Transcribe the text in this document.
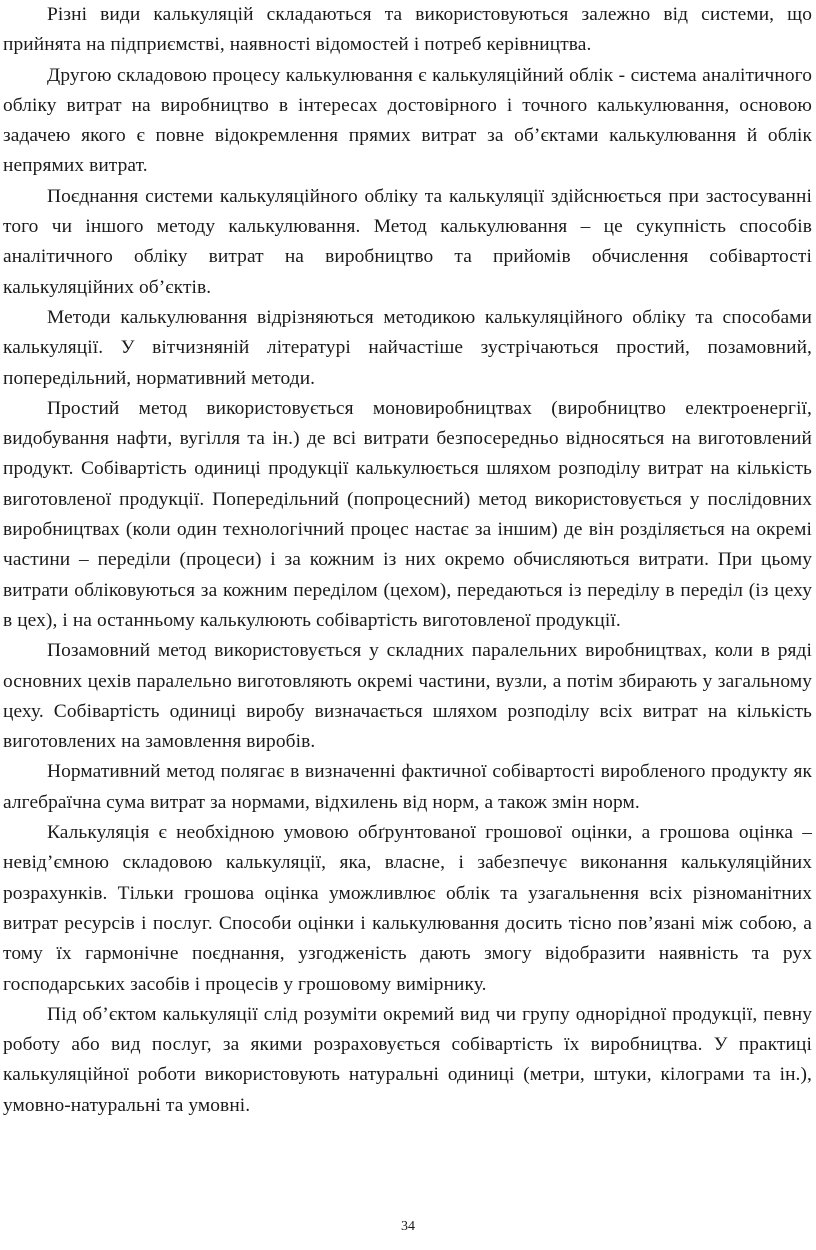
Різні види калькуляцій складаються та використовуються залежно від системи, що прийнята на підприємстві, наявності відомостей і потреб керівництва.

Другою складовою процесу калькулювання є калькуляційний облік - система аналітичного обліку витрат на виробництво в інтересах достовірного і точного калькулювання, основою задачею якого є повне відокремлення прямих витрат за об’єктами калькулювання й облік непрямих витрат.

Поєднання системи калькуляційного обліку та калькуляції здійснюється при застосуванні того чи іншого методу калькулювання. Метод калькулювання – це сукупність способів аналітичного обліку витрат на виробництво та прийомів обчислення собівартості калькуляційних об’єктів.

Методи калькулювання відрізняються методикою калькуляційного обліку та способами калькуляції. У вітчизняній літературі найчастіше зустрічаються простий, позамовний, попередільний, нормативний методи.

Простий метод використовується моновиробництвах (виробництво електроенергії, видобування нафти, вугілля та ін.) де всі витрати безпосередньо відносяться на виготовлений продукт. Собівартість одиниці продукції калькулюється шляхом розподілу витрат на кількість виготовленої продукції. Попередільний (попроцесний) метод використовується у послідовних виробництвах (коли один технологічний процес настає за іншим) де він розділяється на окремі частини – переділи (процеси) і за кожним із них окремо обчисляються витрати. При цьому витрати обліковуються за кожним переділом (цехом), передаються із переділу в переділ (із цеху в цех), і на останньому калькулюють собівартість виготовленої продукції.

Позамовний метод використовується у складних паралельних виробництвах, коли в ряді основних цехів паралельно виготовляють окремі частини, вузли, а потім збирають у загальному цеху. Собівартість одиниці виробу визначається шляхом розподілу всіх витрат на кількість виготовлених на замовлення виробів.

Нормативний метод полягає в визначенні фактичної собівартості виробленого продукту як алгебраїчна сума витрат за нормами, відхилень від норм, а також змін норм.

Калькуляція є необхідною умовою обґрунтованої грошової оцінки, а грошова оцінка – невід’ємною складовою калькуляції, яка, власне, і забезпечує виконання калькуляційних розрахунків. Тільки грошова оцінка уможливлює облік та узагальнення всіх різноманітних витрат ресурсів і послуг. Способи оцінки і калькулювання досить тісно пов’язані між собою, а тому їх гармонічне поєднання, узгодженість дають змогу відобразити наявність та рух господарських засобів і процесів у грошовому вимірнику.

Під об’єктом калькуляції слід розуміти окремий вид чи групу однорідної продукції, певну роботу або вид послуг, за якими розраховується собівартість їх виробництва. У практиці калькуляційної роботи використовують натуральні одиниці (метри, штуки, кілограми та ін.), умовно-натуральні та умовні.

34
